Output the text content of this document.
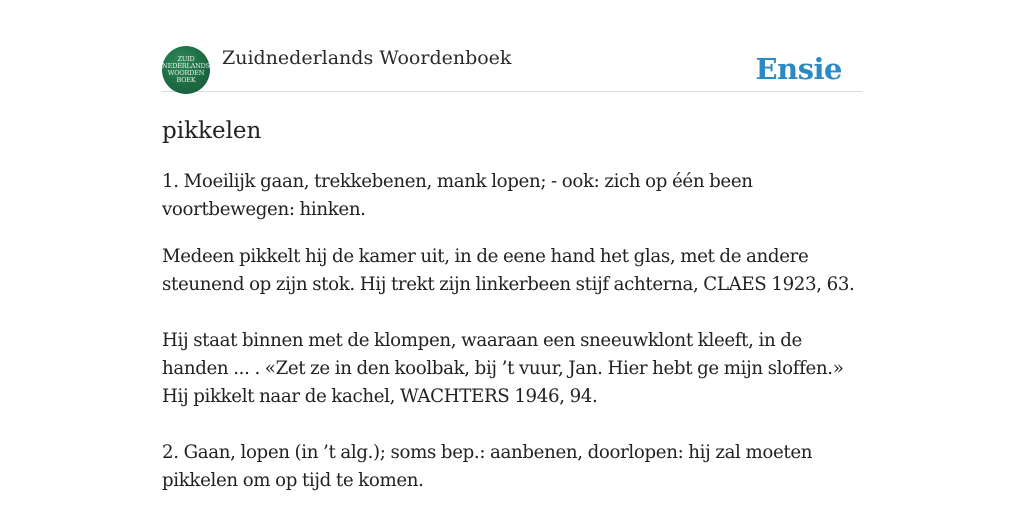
ZUID
NEDERLANDS
WOORDEN
BOEK
Zuidnederlands Woordenboek	Ensie
pikkelen

1. Moeilijk gaan, trekkebenen, mank lopen; - ook: zich op één been voortbewegen: hinken.

Medeen pikkelt hij de kamer uit, in de eene hand het glas, met de andere steunend op zijn stok. Hij trekt zijn linkerbeen stijf achterna, CLAES 1923, 63.

Hij staat binnen met de klompen, waaraan een sneeuwklont kleeft, in de handen ... . «Zet ze in den koolbak, bij ’t vuur, Jan. Hier hebt ge mijn sloffen.» Hij pikkelt naar de kachel, WACHTERS 1946, 94.

2. Gaan, lopen (in ’t alg.); soms bep.: aanbenen, doorlopen: hij zal moeten pikkelen om op tijd te komen.
